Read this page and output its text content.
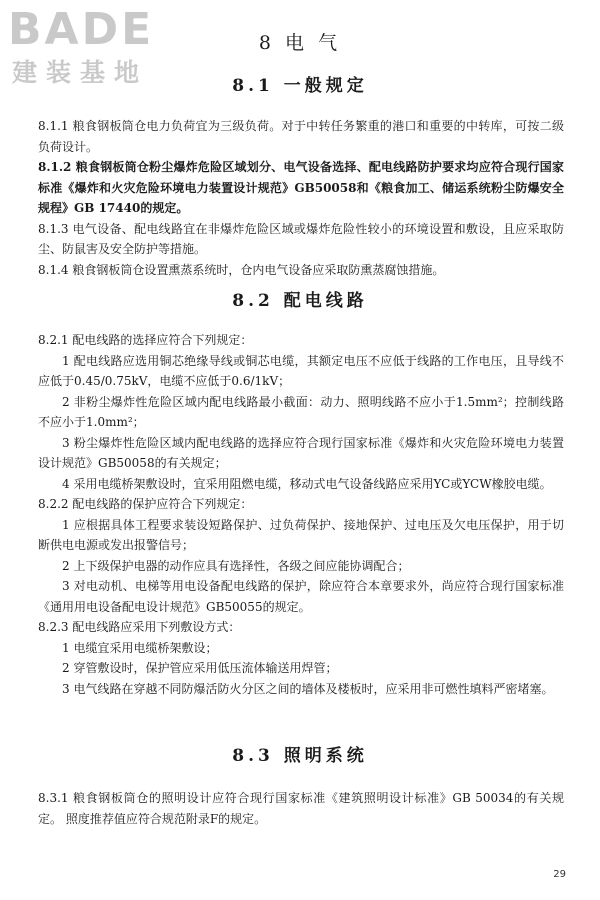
BADE
建装基地
8 电 气
8.1 一般规定

8.1.1 粮食钢板筒仓电力负荷宜为三级负荷。对于中转任务繁重的港口和重要的中转库，可按二级负荷设计。

8.1.2 粮食钢板筒仓粉尘爆炸危险区域划分、电气设备选择、配电线路防护要求均应符合现行国家标准《爆炸和火灾危险环境电力装置设计规范》GB50058和《粮食加工、储运系统粉尘防爆安全规程》GB 17440的规定。

8.1.3 电气设备、配电线路宜在非爆炸危险区域或爆炸危险性较小的环境设置和敷设，且应采取防尘、防鼠害及安全防护等措施。

8.1.4 粮食钢板筒仓设置熏蒸系统时，仓内电气设备应采取防熏蒸腐蚀措施。

8.2 配电线路

8.2.1 配电线路的选择应符合下列规定：

1 配电线路应选用铜芯绝缘导线或铜芯电缆，其额定电压不应低于线路的工作电压，且导线不应低于0.45/0.75kV，电缆不应低于0.6/1kV；

2 非粉尘爆炸性危险区域内配电线路最小截面：动力、照明线路不应小于1.5mm²；控制线路不应小于1.0mm²；

3 粉尘爆炸性危险区域内配电线路的选择应符合现行国家标准《爆炸和火灾危险环境电力装置设计规范》GB50058的有关规定；

4 采用电缆桥架敷设时，宜采用阻燃电缆，移动式电气设备线路应采用YC或YCW橡胶电缆。

8.2.2 配电线路的保护应符合下列规定：

1 应根据具体工程要求装设短路保护、过负荷保护、接地保护、过电压及欠电压保护，用于切断供电电源或发出报警信号；

2 上下级保护电器的动作应具有选择性，各级之间应能协调配合；

3 对电动机、电梯等用电设备配电线路的保护，除应符合本章要求外，尚应符合现行国家标准《通用用电设备配电设计规范》GB50055的规定。

8.2.3 配电线路应采用下列敷设方式：

1 电缆宜采用电缆桥架敷设；

2 穿管敷设时，保护管应采用低压流体输送用焊管；

3 电气线路在穿越不同防爆活防火分区之间的墙体及楼板时，应采用非可燃性填料严密堵塞。

8.3 照明系统

8.3.1 粮食钢板筒仓的照明设计应符合现行国家标准《建筑照明设计标准》GB 50034的有关规定。 照度推荐值应符合规范附录F的规定。

29
